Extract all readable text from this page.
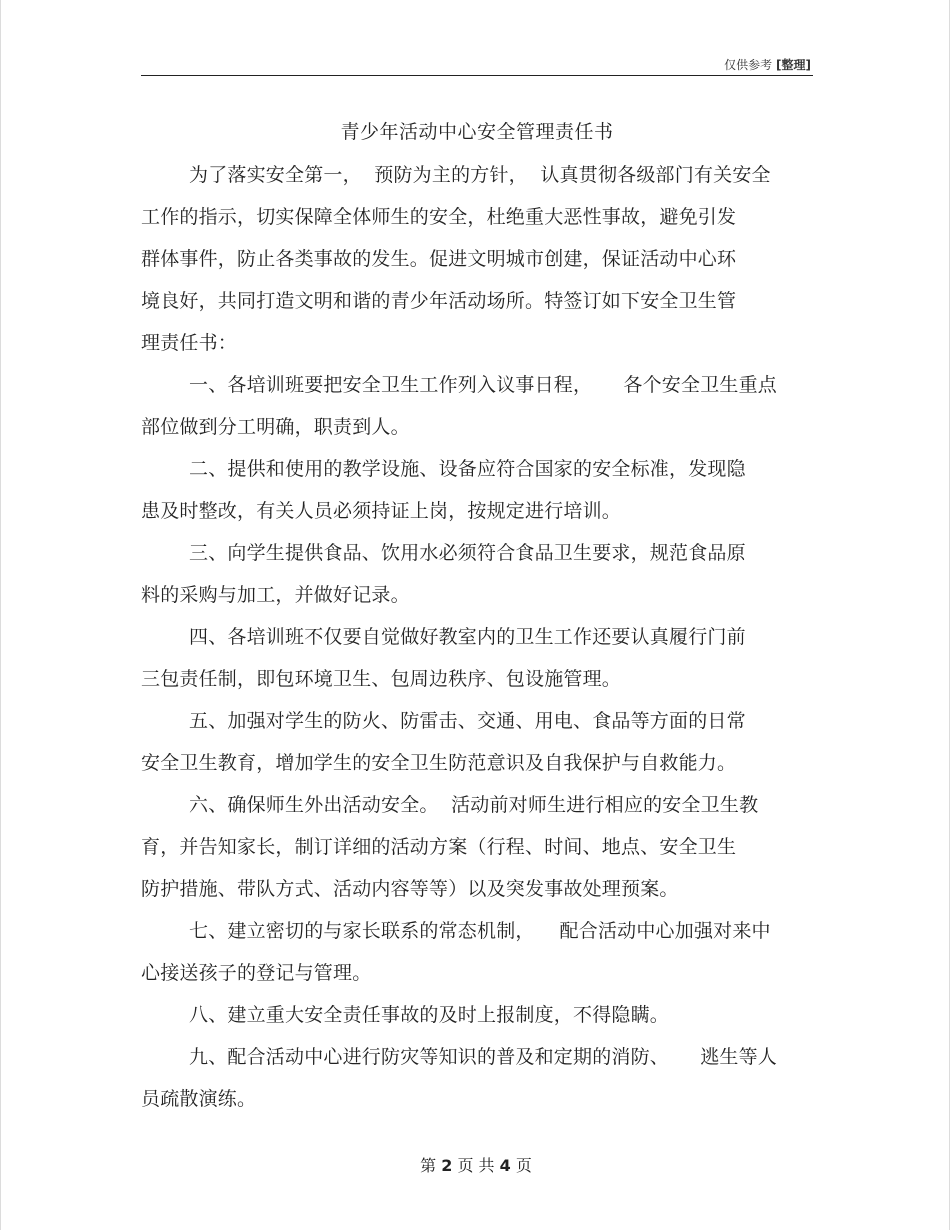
仅供参考 [整理]
青少年活动中心安全管理责任书
为了落实安全第一，  预防为主的方针，  认真贯彻各级部门有关安全
工作的指示，切实保障全体师生的安全，杜绝重大恶性事故，避免引发
群体事件，防止各类事故的发生。促进文明城市创建，保证活动中心环
境良好，共同打造文明和谐的青少年活动场所。特签订如下安全卫生管
理责任书：
一、各培训班要把安全卫生工作列入议事日程，     各个安全卫生重点
部位做到分工明确，职责到人。
二、提供和使用的教学设施、设备应符合国家的安全标准，发现隐
患及时整改，有关人员必须持证上岗，按规定进行培训。
三、向学生提供食品、饮用水必须符合食品卫生要求，规范食品原
料的采购与加工，并做好记录。
四、各培训班不仅要自觉做好教室内的卫生工作还要认真履行门前
三包责任制，即包环境卫生、包周边秩序、包设施管理。
五、加强对学生的防火、防雷击、交通、用电、食品等方面的日常
安全卫生教育，增加学生的安全卫生防范意识及自我保护与自救能力。
六、确保师生外出活动安全。  活动前对师生进行相应的安全卫生教
育，并告知家长，制订详细的活动方案（行程、时间、地点、安全卫生
防护措施、带队方式、活动内容等等）以及突发事故处理预案。
七、建立密切的与家长联系的常态机制，    配合活动中心加强对来中
心接送孩子的登记与管理。
八、建立重大安全责任事故的及时上报制度，不得隐瞒。
九、配合活动中心进行防灾等知识的普及和定期的消防、     逃生等人
员疏散演练。
第 2 页 共 4 页
